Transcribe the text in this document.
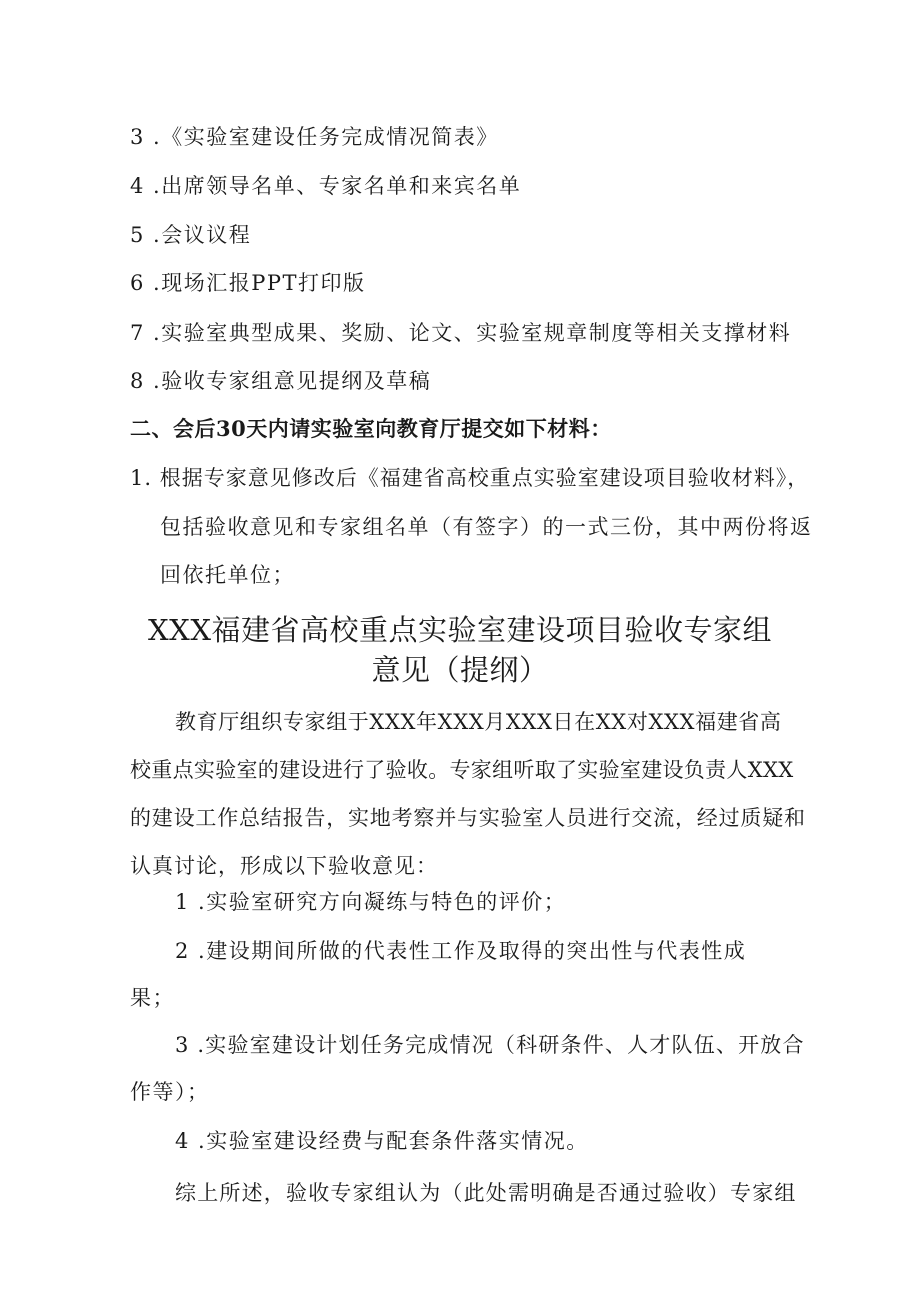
3 .《实验室建设任务完成情况简表》
4 .出席领导名单、专家名单和来宾名单
5 .会议议程
6 .现场汇报PPT打印版
7 .实验室典型成果、奖励、论文、实验室规章制度等相关支撑材料
8 .验收专家组意见提纲及草稿
二、会后30天内请实验室向教育厅提交如下材料：
1. 根据专家意见修改后《福建省高校重点实验室建设项目验收材料》，
包括验收意见和专家组名单（有签字）的一式三份，其中两份将返
回依托单位；
XXX福建省高校重点实验室建设项目验收专家组
意见（提纲）
教育厅组织专家组于XXX年XXX月XXX日在XX对XXX福建省高
校重点实验室的建设进行了验收。专家组听取了实验室建设负责人XXX
的建设工作总结报告，实地考察并与实验室人员进行交流，经过质疑和
认真讨论，形成以下验收意见：
1 .实验室研究方向凝练与特色的评价；
2 .建设期间所做的代表性工作及取得的突出性与代表性成
果；
3 .实验室建设计划任务完成情况（科研条件、人才队伍、开放合
作等）；
4 .实验室建设经费与配套条件落实情况。
综上所述，验收专家组认为（此处需明确是否通过验收）专家组
